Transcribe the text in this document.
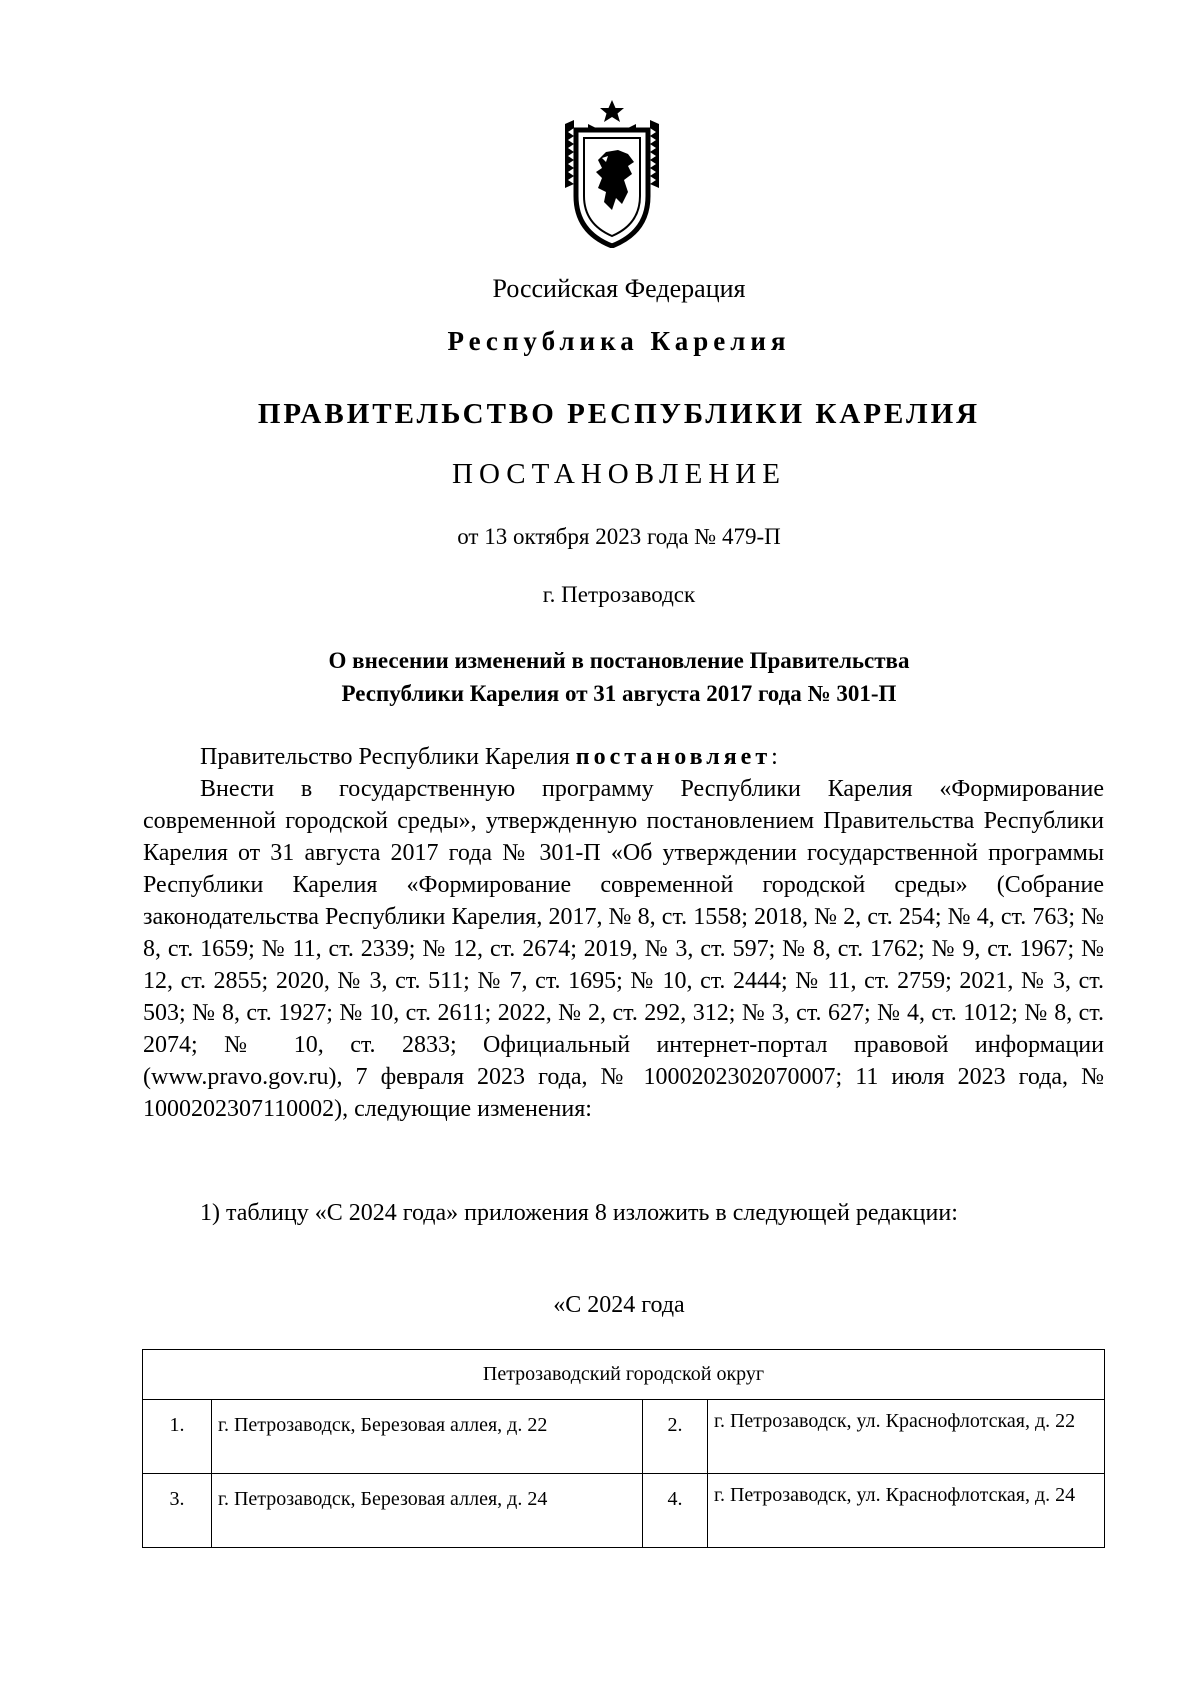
Российская Федерация
Республика Карелия
ПРАВИТЕЛЬСТВО РЕСПУБЛИКИ КАРЕЛИЯ
ПОСТАНОВЛЕНИЕ
от 13 октября 2023 года № 479-П
г. Петрозаводск
О внесении изменений в постановление Правительства
Республики Карелия от 31 августа 2017 года № 301-П
Правительство Республики Карелия постановляет:
Внести в государственную программу Республики Карелия «Формирование современной городской среды», утвержденную постановлением Правительства Республики Карелия от 31 августа 2017 года № 301-П «Об утверждении государственной программы Республики Карелия «Формирование современной городской среды» (Собрание законодательства Республики Карелия, 2017, № 8, ст. 1558; 2018, № 2, ст. 254; № 4, ст. 763; № 8, ст. 1659; № 11, ст. 2339; № 12, ст. 2674; 2019, № 3, ст. 597; № 8, ст. 1762; № 9, ст. 1967; № 12, ст. 2855; 2020, № 3, ст. 511; № 7, ст. 1695; № 10, ст. 2444; № 11, ст. 2759; 2021, № 3, ст. 503; № 8, ст. 1927; № 10, ст. 2611; 2022, № 2, ст. 292, 312; № 3, ст. 627; № 4, ст. 1012; № 8, ст. 2074; № 10, ст. 2833; Официальный интернет-портал правовой информации (www.pravo.gov.ru), 7 февраля 2023 года, № 1000202302070007; 11 июля 2023 года, № 1000202307110002), следующие изменения:
1) таблицу «С 2024 года» приложения 8 изложить в следующей редакции:
«С 2024 года
Петрозаводский городской округ			
1.	г. Петрозаводск, Березовая аллея, д. 22	2.	г. Петрозаводск, ул. Краснофлотская, д. 22
3.	г. Петрозаводск, Березовая аллея, д. 24	4.	г. Петрозаводск, ул. Краснофлотская, д. 24
